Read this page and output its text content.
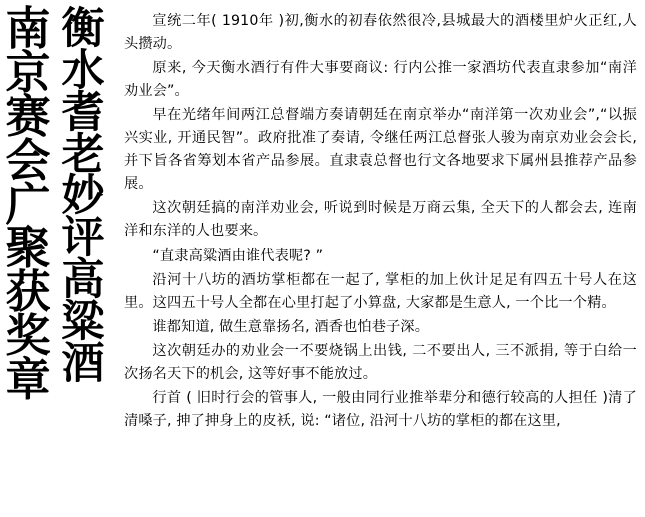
南
京
赛
会
广
聚
获
奖
章
衡
水
耆
老
妙
评
高
粱
酒

宣统二年( 1910年 )初,衡水的初春依然很冷,县城最大的酒楼里炉火正红,人头攒动。

原来, 今天衡水酒行有件大事要商议: 行内公推一家酒坊代表直隶参加“南洋劝业会”。

早在光绪年间两江总督端方奏请朝廷在南京举办“南洋第一次劝业会”,“以振兴实业, 开通民智”。政府批准了奏请, 令继任两江总督张人骏为南京劝业会会长, 并下旨各省筹划本省产品参展。直隶袁总督也行文各地要求下属州县推荐产品参展。

这次朝廷搞的南洋劝业会, 听说到时候是万商云集, 全天下的人都会去, 连南洋和东洋的人也要来。

“直隶高粱酒由谁代表呢? ”

沿河十八坊的酒坊掌柜都在一起了, 掌柜的加上伙计足足有四五十号人在这里。这四五十号人全都在心里打起了小算盘, 大家都是生意人, 一个比一个精。

谁都知道, 做生意靠扬名, 酒香也怕巷子深。

这次朝廷办的劝业会一不要烧锅上出钱, 二不要出人, 三不派捐, 等于白给一次扬名天下的机会, 这等好事不能放过。

行首 ( 旧时行会的管事人, 一般由同行业推举辈分和德行较高的人担任 )清了清嗓子, 抻了抻身上的皮袄, 说: “诸位, 沿河十八坊的掌柜的都在这里,
